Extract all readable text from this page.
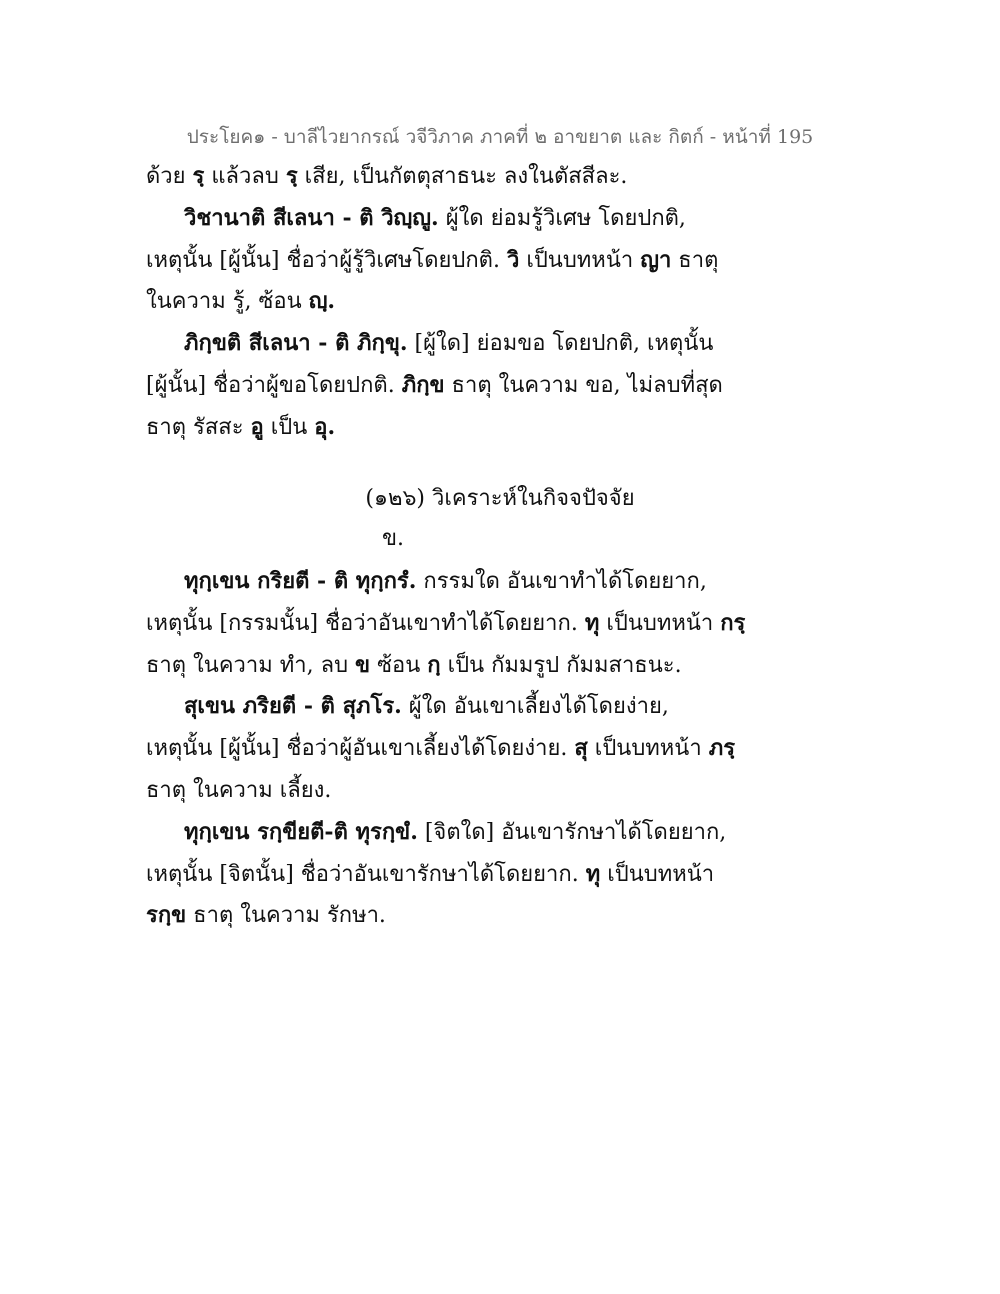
ประโยค๑ - บาลีไวยากรณ์ วจีวิภาค ภาคที่ ๒ อาขยาต และ กิตก์ - หน้าที่ 195
ด้วย รฺ แล้วลบ รฺ เสีย, เป็นกัตตุสาธนะ ลงในตัสสีละ.
วิชานาติ สีเลนา - ติ วิญฺญู. ผู้ใด ย่อมรู้วิเศษ โดยปกติ,
เหตุนั้น [ผู้นั้น] ชื่อว่าผู้รู้วิเศษโดยปกติ. วิ เป็นบทหน้า ญา ธาตุ
ในความ รู้, ซ้อน ญฺ.
ภิกฺขติ สีเลนา - ติ ภิกฺขุ. [ผู้ใด] ย่อมขอ โดยปกติ, เหตุนั้น
[ผู้นั้น] ชื่อว่าผู้ขอโดยปกติ. ภิกฺข ธาตุ ในความ ขอ, ไม่ลบที่สุด
ธาตุ รัสสะ อู เป็น อุ.
(๑๒๖) วิเคราะห์ในกิจจปัจจัย
ข.
ทุกฺเขน กริยตี - ติ ทุกฺกรํ. กรรมใด อันเขาทำได้โดยยาก,
เหตุนั้น [กรรมนั้น] ชื่อว่าอันเขาทำได้โดยยาก. ทุ เป็นบทหน้า กรฺ
ธาตุ ในความ ทำ, ลบ ข ซ้อน กฺ เป็น กัมมรูป กัมมสาธนะ.
สุเขน ภริยตี - ติ สุภโร. ผู้ใด อันเขาเลี้ยงได้โดยง่าย,
เหตุนั้น [ผู้นั้น] ชื่อว่าผู้อันเขาเลี้ยงได้โดยง่าย. สุ เป็นบทหน้า ภรฺ
ธาตุ ในความ เลี้ยง.
ทุกฺเขน รกฺขียตี-ติ ทุรกฺขํ. [จิตใด] อันเขารักษาได้โดยยาก,
เหตุนั้น [จิตนั้น] ชื่อว่าอันเขารักษาได้โดยยาก. ทุ เป็นบทหน้า
รกฺข ธาตุ ในความ รักษา.
